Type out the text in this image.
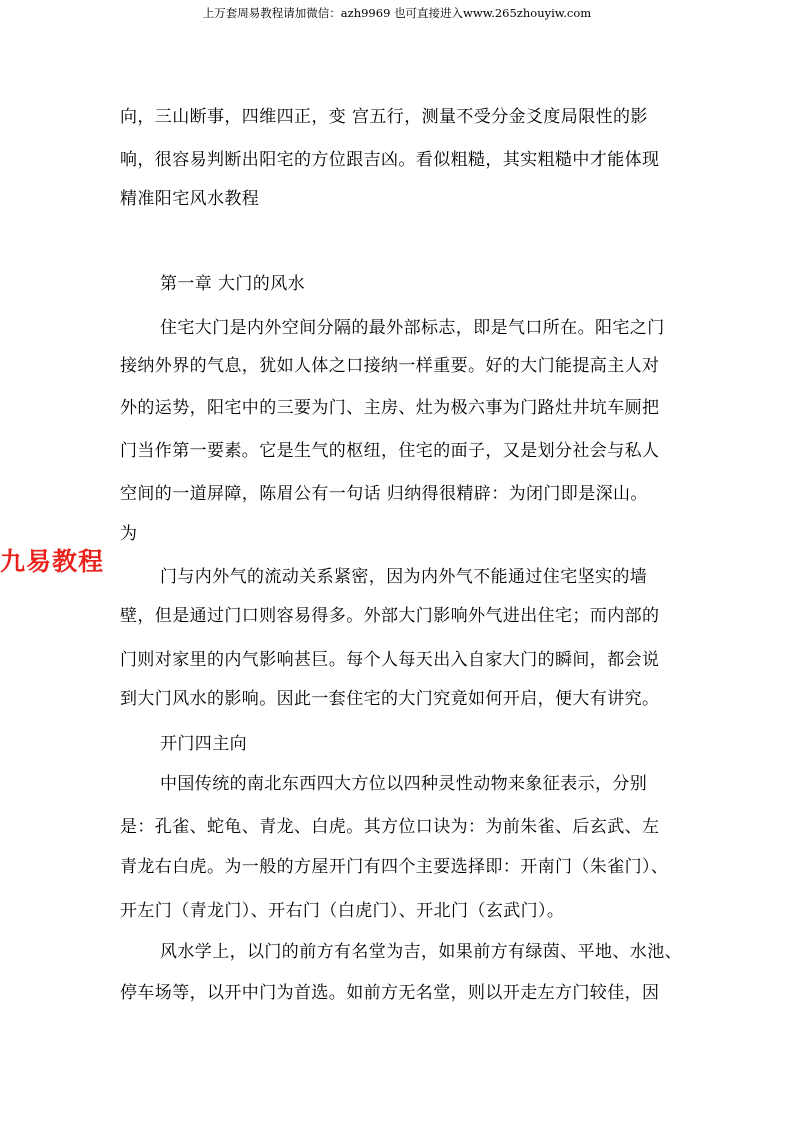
上万套周易教程请加微信：azh9969 也可直接进入www.265zhouyiw.com
向，三山断事，四维四正，变 宫五行，测量不受分金爻度局限性的影
响，很容易判断出阳宅的方位跟吉凶。看似粗糙，其实粗糙中才能体现
精准阳宅风水教程
第一章 大门的风水
住宅大门是内外空间分隔的最外部标志，即是气口所在。阳宅之门
接纳外界的气息，犹如人体之口接纳一样重要。好的大门能提高主人对
外的运势，阳宅中的三要为门、主房、灶为极六事为门路灶井坑车厕把
门当作第一要素。它是生气的枢纽，住宅的面子，又是划分社会与私人
空间的一道屏障，陈眉公有一句话 归纳得很精辟：为闭门即是深山。
为
九易教程
门与内外气的流动关系紧密，因为内外气不能通过住宅坚实的墙
壁，但是通过门口则容易得多。外部大门影响外气进出住宅；而内部的
门则对家里的内气影响甚巨。每个人每天出入自家大门的瞬间，都会说
到大门风水的影响。因此一套住宅的大门究竟如何开启，便大有讲究。
开门四主向
中国传统的南北东西四大方位以四种灵性动物来象征表示，分别
是：孔雀、蛇龟、青龙、白虎。其方位口诀为：为前朱雀、后玄武、左
青龙右白虎。为一般的方屋开门有四个主要选择即：开南门（朱雀门）、
开左门（青龙门）、开右门（白虎门）、开北门（玄武门）。
风水学上，以门的前方有名堂为吉，如果前方有绿茵、平地、水池、
停车场等，以开中门为首选。如前方无名堂，则以开走左方门较佳，因
